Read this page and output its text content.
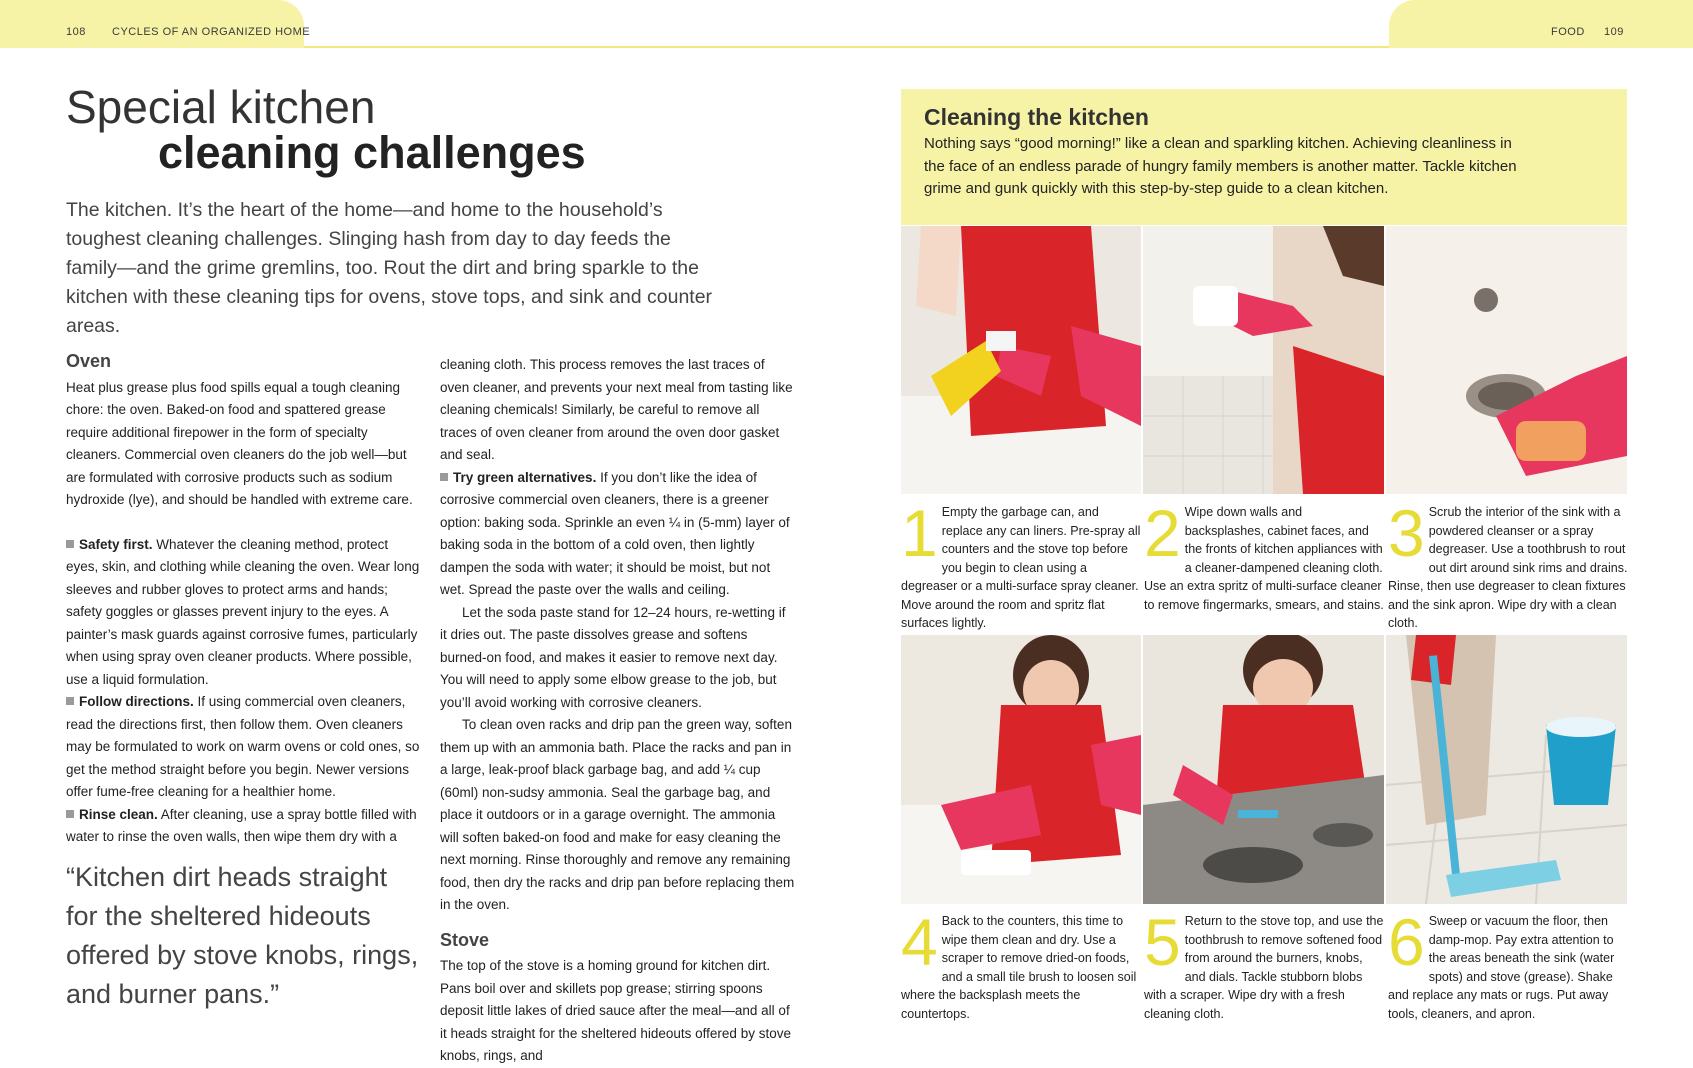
108 CYCLES OF AN ORGANIZED HOME	FOOD 109
Special kitchen
cleaning challenges
The kitchen. It’s the heart of the home—and home to the household’s toughest cleaning challenges. Slinging hash from day to day feeds the family—and the grime gremlins, too. Rout the dirt and bring sparkle to the kitchen with these cleaning tips for ovens, stove tops, and sink and counter areas.
Oven

Heat plus grease plus food spills equal a tough cleaning chore: the oven. Baked-on food and spattered grease require additional firepower in the form of specialty cleaners. Commercial oven cleaners do the job well—but are formulated with corrosive products such as sodium hydroxide (lye), and should be handled with extreme care.

Safety first. Whatever the cleaning method, protect eyes, skin, and clothing while cleaning the oven. Wear long sleeves and rubber gloves to protect arms and hands; safety goggles or glasses prevent injury to the eyes. A painter’s mask guards against corrosive fumes, particularly when using spray oven cleaner products. Where possible, use a liquid formulation.

Follow directions. If using commercial oven cleaners, read the directions first, then follow them. Oven cleaners may be formulated to work on warm ovens or cold ones, so get the method straight before you begin. Newer versions offer fume-free cleaning for a healthier home.

Rinse clean. After cleaning, use a spray bottle filled with water to rinse the oven walls, then wipe them dry with a

cleaning cloth. This process removes the last traces of oven cleaner, and prevents your next meal from tasting like cleaning chemicals! Similarly, be careful to remove all traces of oven cleaner from around the oven door gasket and seal.

Try green alternatives. If you don’t like the idea of corrosive commercial oven cleaners, there is a greener option: baking soda. Sprinkle an even ¼ in (5-mm) layer of baking soda in the bottom of a cold oven, then lightly dampen the soda with water; it should be moist, but not wet. Spread the paste over the walls and ceiling.

Let the soda paste stand for 12–24 hours, re-wetting if it dries out. The paste dissolves grease and softens burned-on food, and makes it easier to remove next day. You will need to apply some elbow grease to the job, but you’ll avoid working with corrosive cleaners.

To clean oven racks and drip pan the green way, soften them up with an ammonia bath. Place the racks and pan in a large, leak-proof black garbage bag, and add ¼ cup (60ml) non-sudsy ammonia. Seal the garbage bag, and place it outdoors or in a garage overnight. The ammonia will soften baked-on food and make for easy cleaning the next morning. Rinse thoroughly and remove any remaining food, then dry the racks and drip pan before replacing them in the oven.

Stove

The top of the stove is a homing ground for kitchen dirt. Pans boil over and skillets pop grease; stirring spoons deposit little lakes of dried sauce after the meal—and all of it heads straight for the sheltered hideouts offered by stove knobs, rings, and

“Kitchen dirt heads straight for the sheltered hideouts offered by stove knobs, rings, and burner pans.”
Cleaning the kitchen
Nothing says “good morning!” like a clean and sparkling kitchen. Achieving cleanliness in the face of an endless parade of hungry family members is another matter. Tackle kitchen grime and gunk quickly with this step-by-step guide to a clean kitchen.
1 Empty the garbage can, and replace any can liners. Pre-spray all counters and the stove top before you begin to clean using a degreaser or a multi-surface spray cleaner. Move around the room and spritz flat surfaces lightly.
2 Wipe down walls and backsplashes, cabinet faces, and the fronts of kitchen appliances with a cleaner-dampened cleaning cloth. Use an extra spritz of multi-surface cleaner to remove fingermarks, smears, and stains.
3 Scrub the interior of the sink with a powdered cleanser or a spray degreaser. Use a toothbrush to rout out dirt around sink rims and drains. Rinse, then use degreaser to clean fixtures and the sink apron. Wipe dry with a clean cloth.
4 Back to the counters, this time to wipe them clean and dry. Use a scraper to remove dried-on foods, and a small tile brush to loosen soil where the backsplash meets the countertops.
5 Return to the stove top, and use the toothbrush to remove softened food from around the burners, knobs, and dials. Tackle stubborn blobs with a scraper. Wipe dry with a fresh cleaning cloth.
6 Sweep or vacuum the floor, then damp-mop. Pay extra attention to the areas beneath the sink (water spots) and stove (grease). Shake and replace any mats or rugs. Put away tools, cleaners, and apron.
